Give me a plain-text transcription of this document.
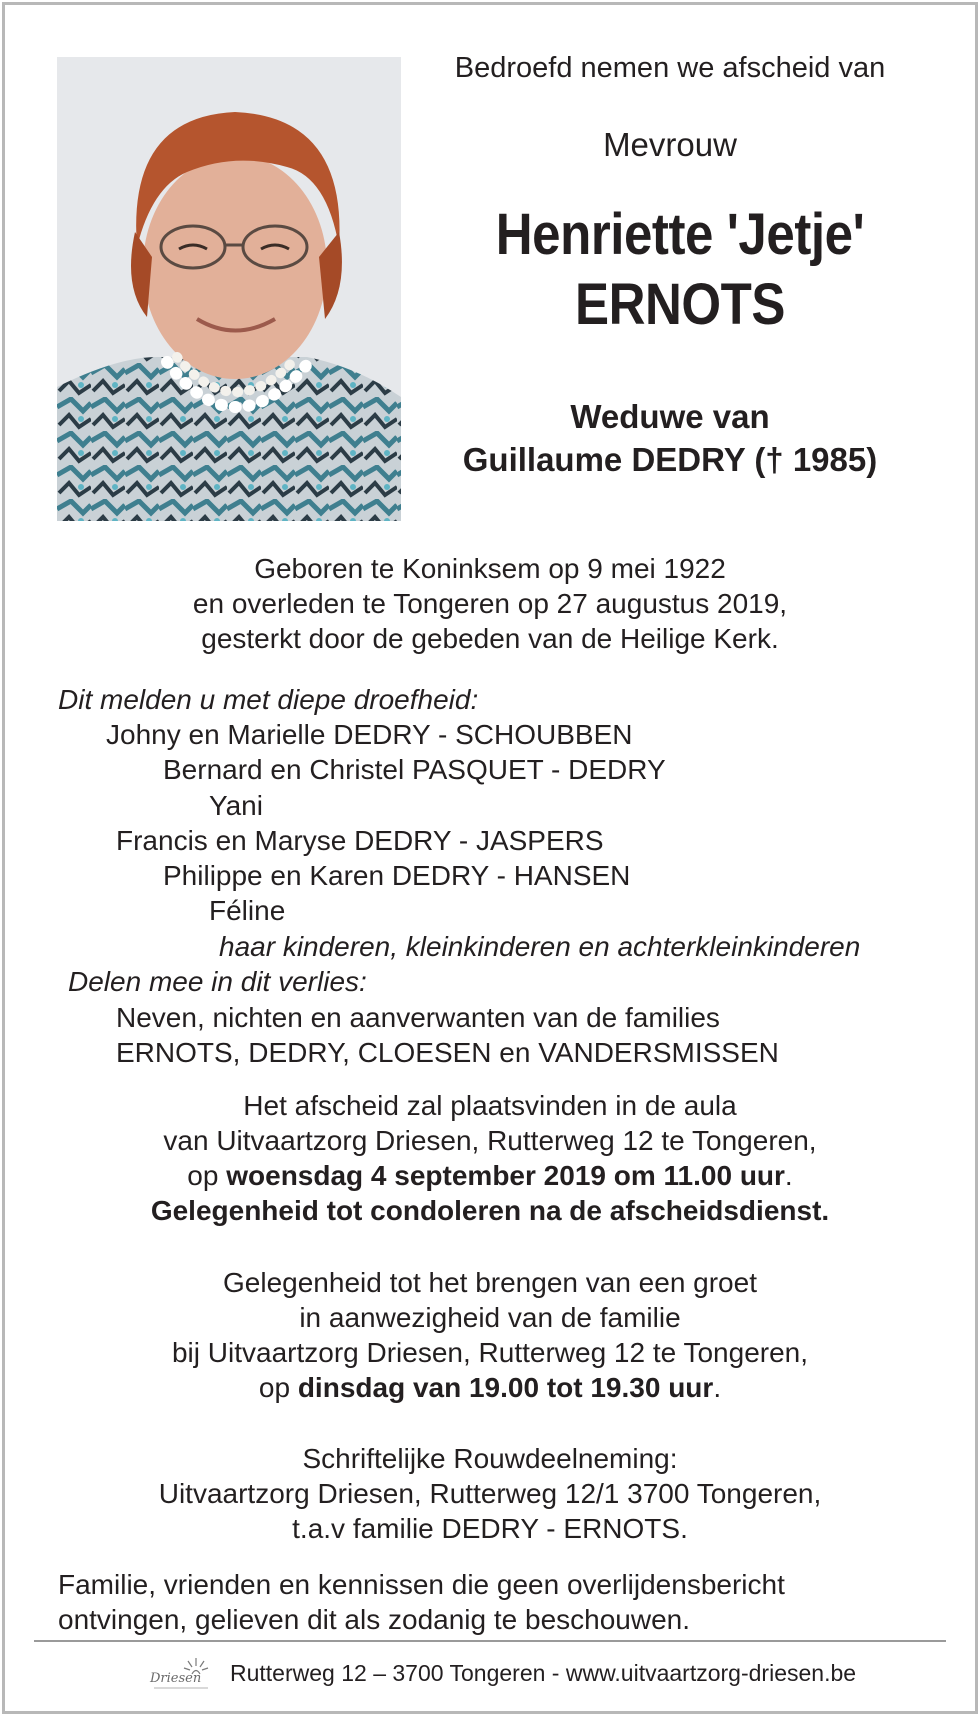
Bedroefd nemen we afscheid van
Mevrouw
Henriette 'Jetje'
ERNOTS
Weduwe van
Guillaume DEDRY († 1985)
Geboren te Koninksem op 9 mei 1922
en overleden te Tongeren op 27 augustus 2019,
gesterkt door de gebeden van de Heilige Kerk.
Dit melden u met diepe droefheid:
Johny en Marielle DEDRY - SCHOUBBEN
Bernard en Christel PASQUET - DEDRY
Yani
Francis en Maryse DEDRY - JASPERS
Philippe en Karen DEDRY - HANSEN
Féline
haar kinderen, kleinkinderen en achterkleinkinderen
Delen mee in dit verlies:
Neven, nichten en aanverwanten van de families
ERNOTS, DEDRY, CLOESEN en VANDERSMISSEN
Het afscheid zal plaatsvinden in de aula
van Uitvaartzorg Driesen, Rutterweg 12 te Tongeren,
op woensdag 4 september 2019 om 11.00 uur.
Gelegenheid tot condoleren na de afscheidsdienst.
Gelegenheid tot het brengen van een groet
in aanwezigheid van de familie
bij Uitvaartzorg Driesen, Rutterweg 12 te Tongeren,
op dinsdag van 19.00 tot 19.30 uur.
Schriftelijke Rouwdeelneming:
Uitvaartzorg Driesen, Rutterweg 12/1 3700 Tongeren,
t.a.v familie DEDRY - ERNOTS.
Familie, vrienden en kennissen die geen overlijdensbericht
ontvingen, gelieven dit als zodanig te beschouwen.
Driesen Rutterweg 12 – 3700 Tongeren - www.uitvaartzorg-driesen.be
